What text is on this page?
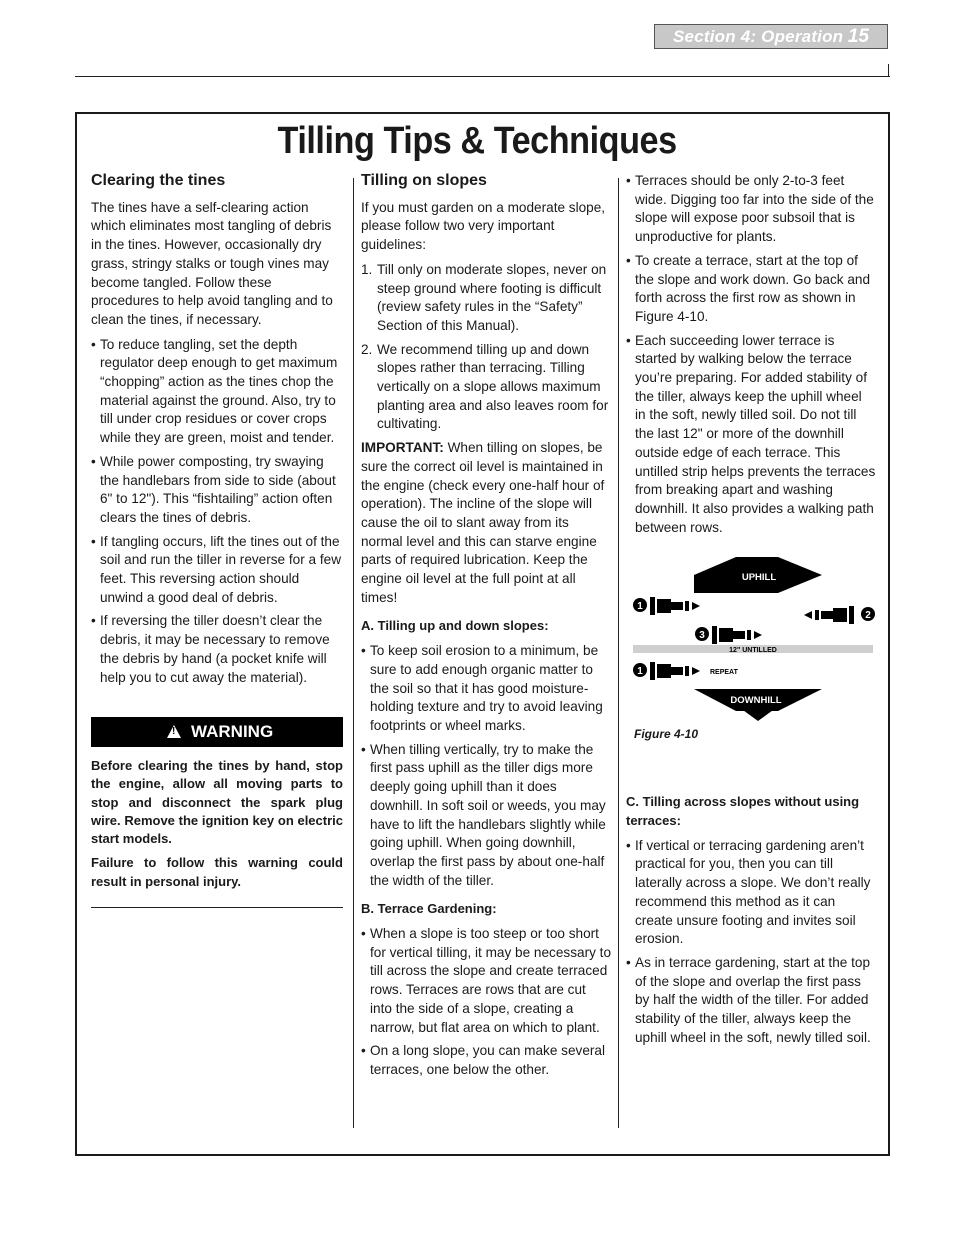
Section 4: Operation 15
Tilling Tips & Techniques
Clearing the tines

The tines have a self-clearing action which eliminates most tangling of debris in the tines. However, occasionally dry grass, stringy stalks or tough vines may become tangled. Follow these procedures to help avoid tangling and to clean the tines, if necessary.

• To reduce tangling, set the depth regulator deep enough to get maximum “chopping” action as the tines chop the material against the ground. Also, try to till under crop residues or cover crops while they are green, moist and tender.
• While power composting, try swaying the handlebars from side to side (about 6" to 12"). This “fishtailing” action often clears the tines of debris.
• If tangling occurs, lift the tines out of the soil and run the tiller in reverse for a few feet. This reversing action should unwind a good deal of debris.
• If reversing the tiller doesn’t clear the debris, it may be necessary to remove the debris by hand (a pocket knife will help you to cut away the material).
!
WARNING

Before clearing the tines by hand, stop the engine, allow all moving parts to stop and disconnect the spark plug wire. Remove the ignition key on electric start models.

Failure to follow this warning could result in personal injury.

Tilling on slopes

If you must garden on a moderate slope, please follow two very important guidelines:

1. Till only on moderate slopes, never on steep ground where footing is difficult (review safety rules in the “Safety” Section of this Manual).
2. We recommend tilling up and down slopes rather than terracing. Tilling vertically on a slope allows maximum planting area and also leaves room for cultivating.

IMPORTANT: When tilling on slopes, be sure the correct oil level is maintained in the engine (check every one-half hour of operation). The incline of the slope will cause the oil to slant away from its normal level and this can starve engine parts of required lubrication. Keep the engine oil level at the full point at all times!

A. Tilling up and down slopes:
• To keep soil erosion to a minimum, be sure to add enough organic matter to the soil so that it has good moisture-holding texture and try to avoid leaving footprints or wheel marks.
• When tilling vertically, try to make the first pass uphill as the tiller digs more deeply going uphill than it does downhill. In soft soil or weeds, you may have to lift the handlebars slightly while going uphill. When going downhill, overlap the first pass by about one-half the width of the tiller.
B. Terrace Gardening:
• When a slope is too steep or too short for vertical tilling, it may be necessary to till across the slope and create terraced rows. Terraces are rows that are cut into the side of a slope, creating a narrow, but flat area on which to plant.
• On a long slope, you can make several terraces, one below the other.
• Terraces should be only 2-to-3 feet wide. Digging too far into the side of the slope will expose poor subsoil that is unproductive for plants.
• To create a terrace, start at the top of the slope and work down. Go back and forth across the first row as shown in Figure 4-10.
• Each succeeding lower terrace is started by walking below the terrace you’re preparing. For added stability of the tiller, always keep the uphill wheel in the soft, newly tilled soil. Do not till the last 12" or more of the downhill outside edge of each terrace. This untilled strip helps prevents the terraces from breaking apart and washing downhill. It also provides a walking path between rows.
UPHILL
12" UNTILLED
1
2
3
1	REPEAT
DOWNHILL
Figure 4-10
C. Tilling across slopes without using terraces:
• If vertical or terracing gardening aren’t practical for you, then you can till laterally across a slope. We don’t really recommend this method as it can create unsure footing and invites soil erosion.
• As in terrace gardening, start at the top of the slope and overlap the first pass by half the width of the tiller. For added stability of the tiller, always keep the uphill wheel in the soft, newly tilled soil.
